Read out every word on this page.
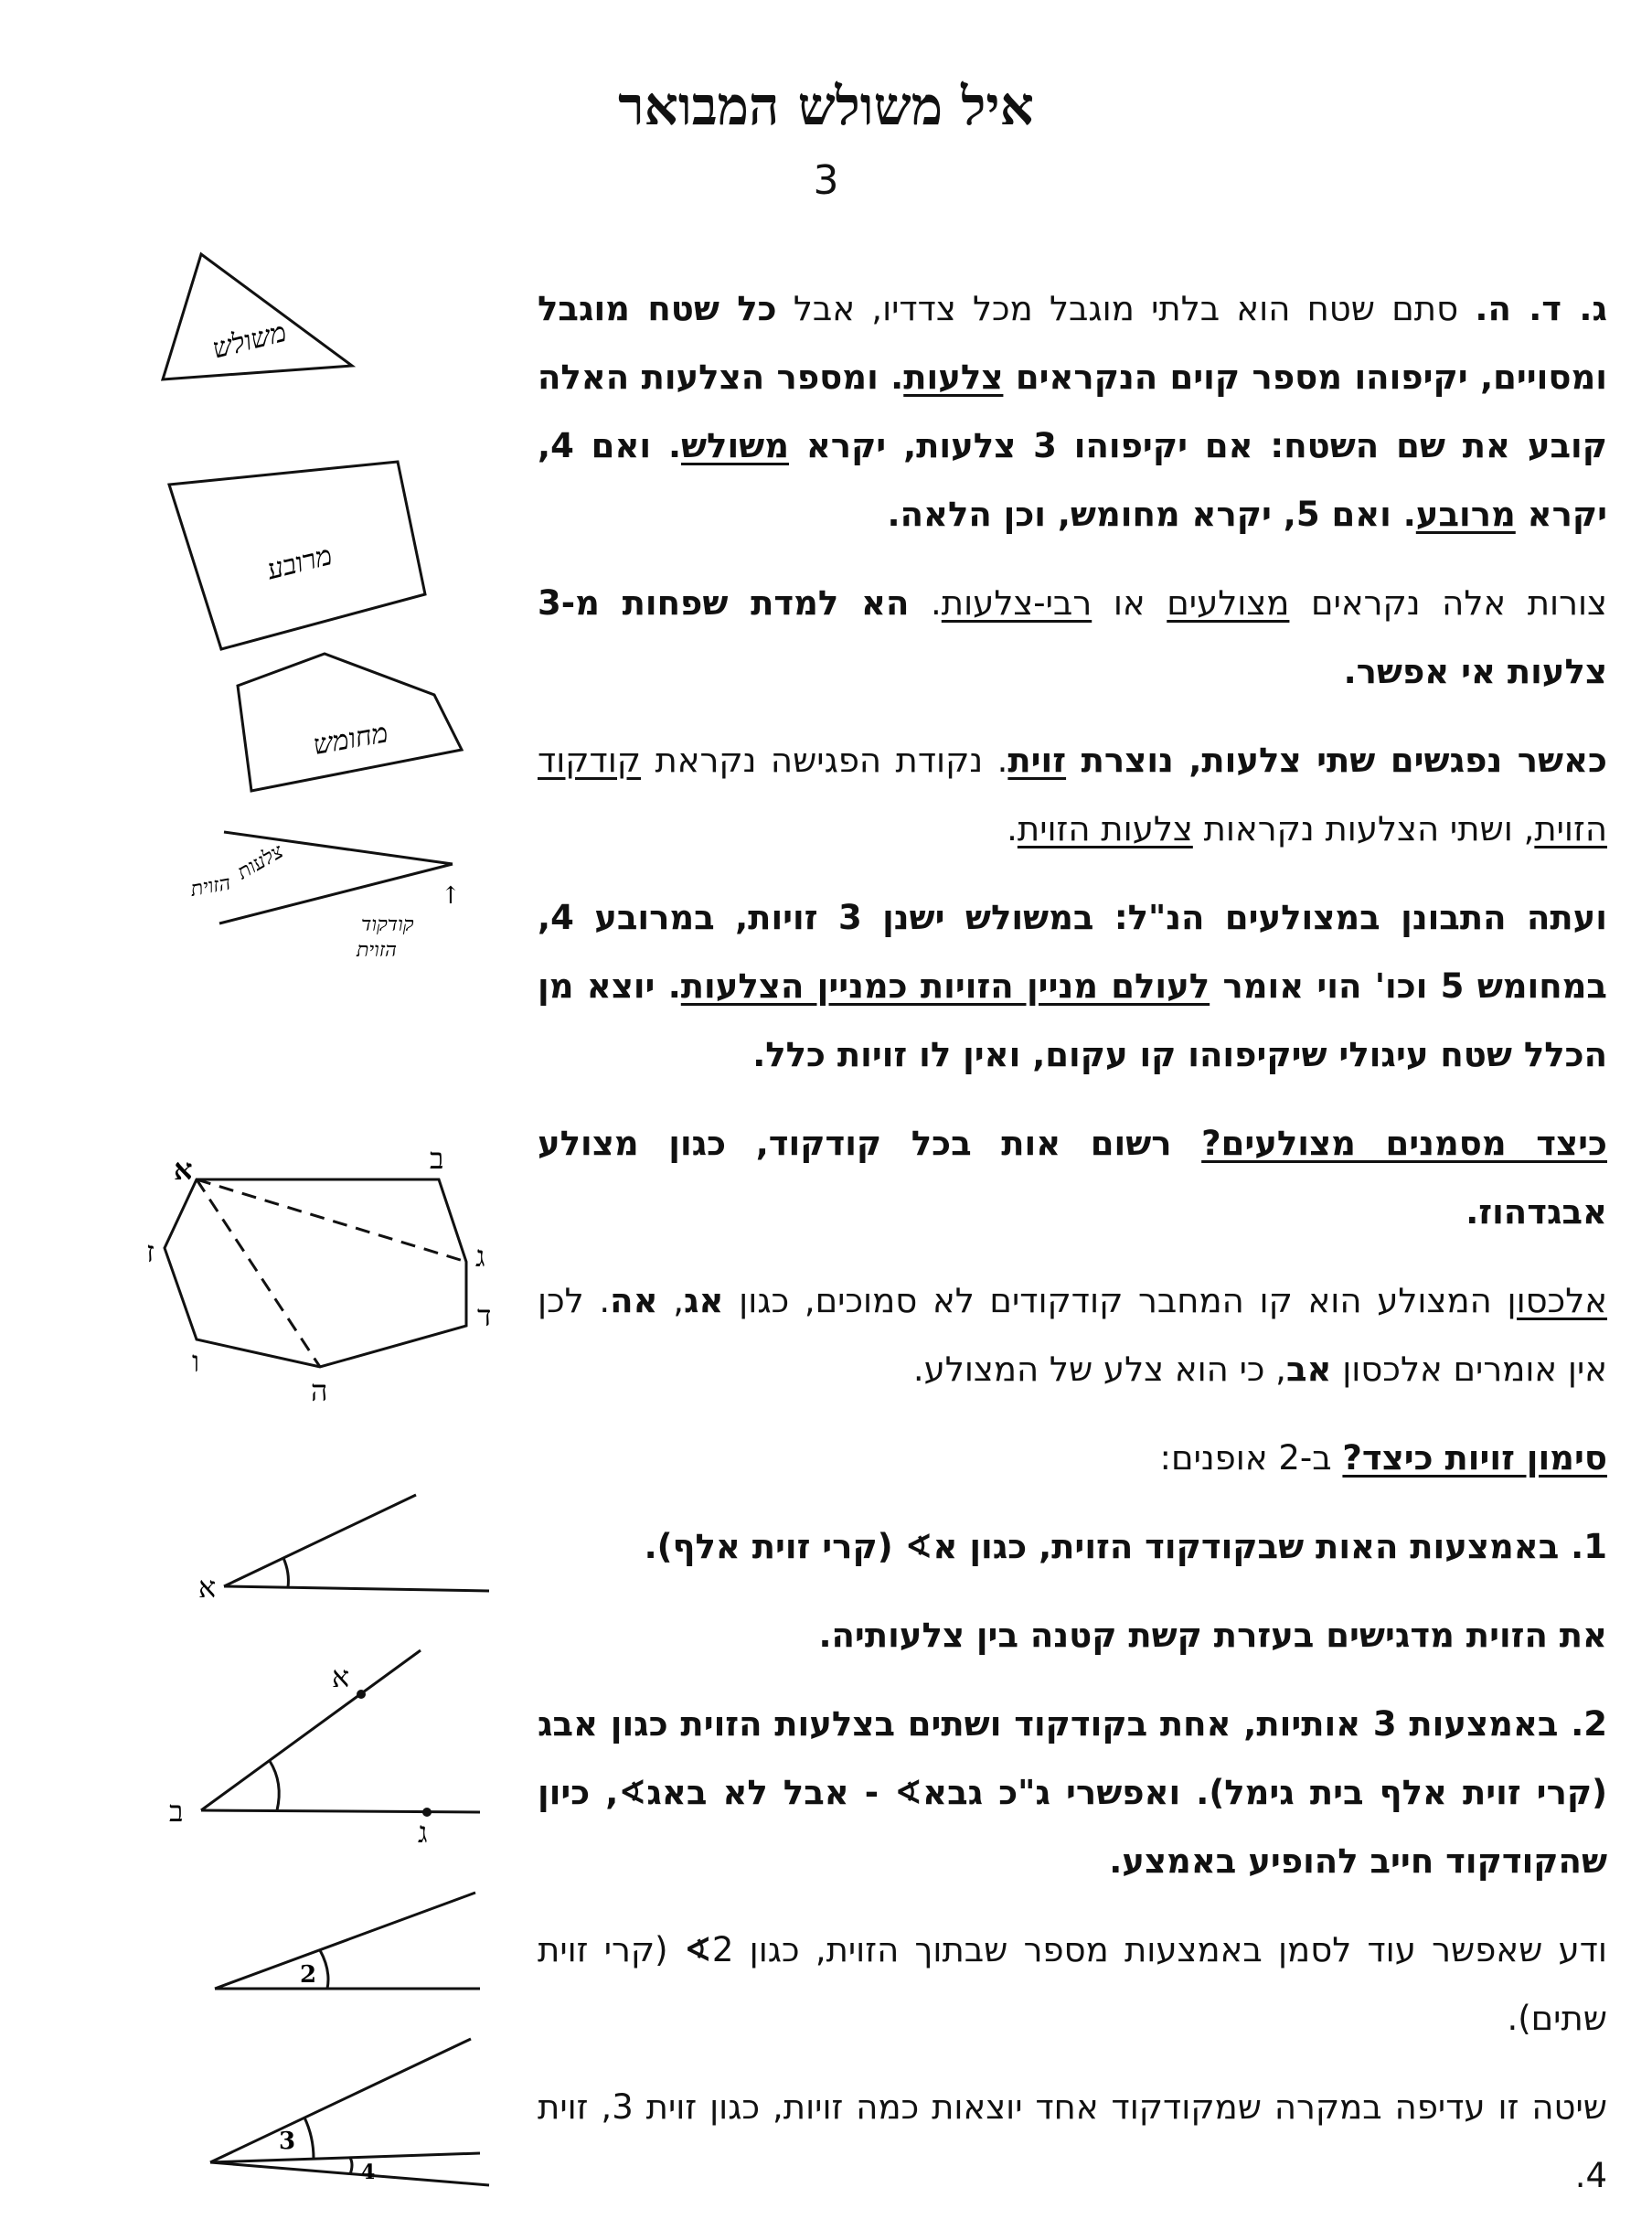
איל משולש המבואר
3

ג. ד. ה. סתם שטח הוא בלתי מוגבל מכל צדדיו, אבל כל שטח מוגבל ומסויים, יקיפוהו מספר קוים הנקראים צלעות. ומספר הצלעות האלה קובע את שם השטח: אם יקיפוהו 3 צלעות, יקרא משולש. ואם 4, יקרא מרובע. ואם 5, יקרא מחומש, וכן הלאה.

צורות אלה נקראים מצולעים או רבי-צלעות. הא למדת שפחות מ-3 צלעות אי אפשר.

כאשר נפגשים שתי צלעות, נוצרת זוית. נקודת הפגישה נקראת קודקוד הזוית, ושתי הצלעות נקראות צלעות הזוית.

ועתה התבונן במצולעים הנ"ל: במשולש ישנן 3 זויות, במרובע 4, במחומש 5 וכו' הוי אומר לעולם מניין הזויות כמניין הצלעות. יוצא מן הכלל שטח עיגולי שיקיפוהו קו עקום, ואין לו זויות כלל.

כיצד מסמנים מצולעים? רשום אות בכל קודקוד, כגון מצולע אבגדהוז.

אלכסון המצולע הוא קו המחבר קודקודים לא סמוכים, כגון אג, אה. לכן אין אומרים אלכסון אב, כי הוא צלע של המצולע.

סימון זויות כיצד? ב-2 אופנים:

1. באמצעות האות שבקודקוד הזוית, כגון א∢ (קרי זוית אלף).

את הזוית מדגישים בעזרת קשת קטנה בין צלעותיה.

2. באמצעות 3 אותיות, אחת בקודקוד ושתים בצלעות הזוית כגון אבג (קרי זוית אלף בית גימל). ואפשרי ג"כ גבא∢ - אבל לא באג∢, כיון שהקודקוד חייב להופיע באמצע.

ודע שאפשר עוד לסמן באמצעות מספר שבתוך הזוית, כגון 2∢ (קרי זוית שתים).

שיטה זו עדיפה במקרה שמקודקוד אחד יוצאות כמה זויות, כגון זוית 3, זוית 4.

משולש
מרובע
מחומש
צלעות
הזוית
קודקוד
הזוית
↑
א	ב
ג
ד
ה
ו
ז
א
א
ב
ג
2
3
4
